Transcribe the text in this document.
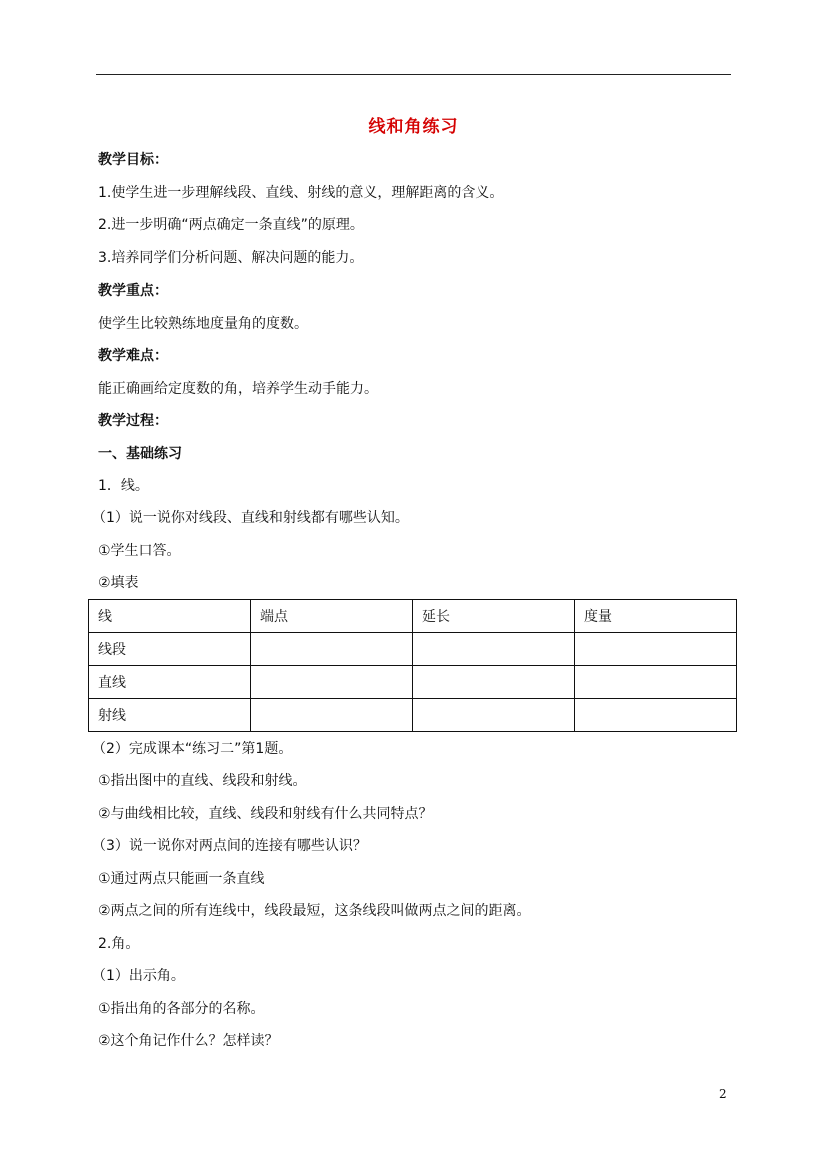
线和角练习
教学目标：
1.使学生进一步理解线段、直线、射线的意义，理解距离的含义。
2.进一步明确“两点确定一条直线”的原理。
3.培养同学们分析问题、解决问题的能力。
教学重点：
使学生比较熟练地度量角的度数。
教学难点：
能正确画给定度数的角，培养学生动手能力。
教学过程：
一、基础练习
1．线。
（1）说一说你对线段、直线和射线都有哪些认知。
①学生口答。
②填表
线	端点	延长	度量
线段			
直线			
射线			
（2）完成课本“练习二”第1题。
①指出图中的直线、线段和射线。
②与曲线相比较，直线、线段和射线有什么共同特点？
（3）说一说你对两点间的连接有哪些认识？
①通过两点只能画一条直线
②两点之间的所有连线中，线段最短，这条线段叫做两点之间的距离。
2.角。
（1）出示角。
①指出角的各部分的名称。
②这个角记作什么？怎样读？
2
